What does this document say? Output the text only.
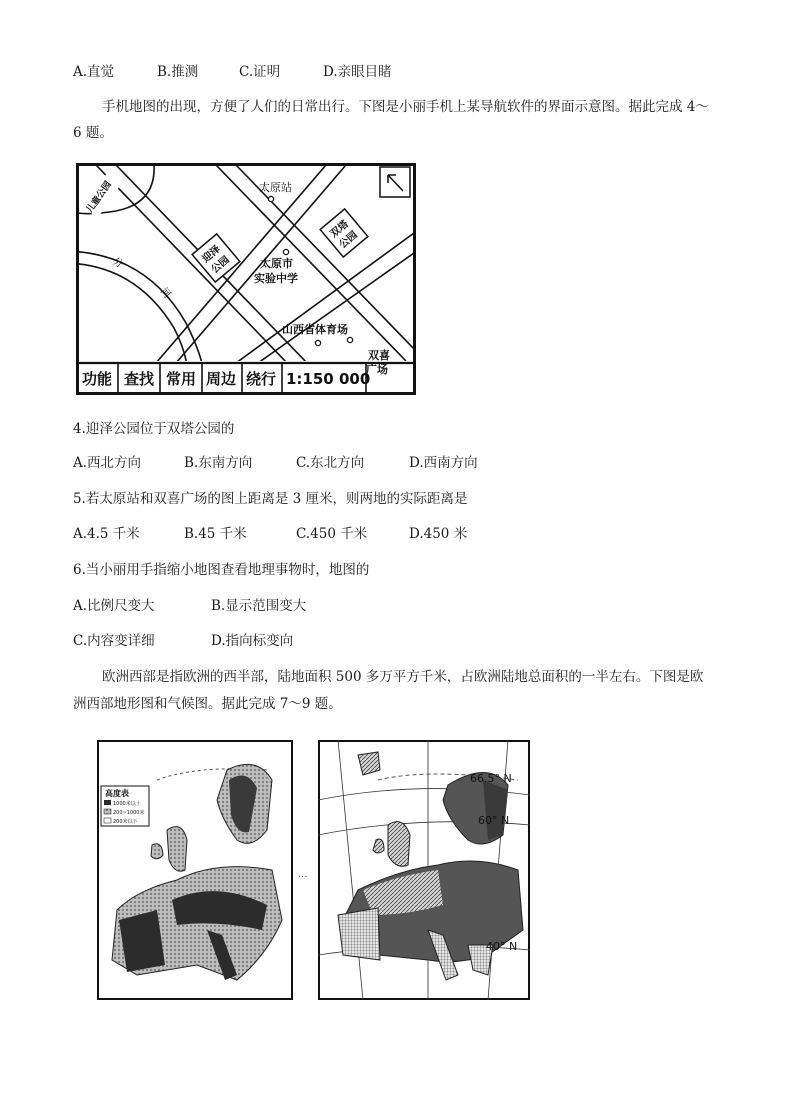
A.直觉	B.推测	C.证明	D.亲眼目睹
手机地图的出现，方便了人们的日常出行。下图是小丽手机上某导航软件的界面示意图。据此完成 4～
6 题。
太原站
迎泽
公园
双塔
公园
太原市
实验中学
山西省体育场
双喜
广场
分
河
儿童公园
功能 查找 常用 周边 绕行 1:150 000
4.迎泽公园位于双塔公园的
A.西北方向	B.东南方向	C.东北方向	D.西南方向
5.若太原站和双喜广场的图上距离是 3 厘米，则两地的实际距离是
A.4.5 千米	B.45 千米	C.450 千米	D.450 米
6.当小丽用手指缩小地图查看地理事物时，地图的
A.比例尺变大	B.显示范围变大
C.内容变详细	D.指向标变向
欧洲西部是指欧洲的西半部，陆地面积 500 多万平方千米，占欧洲陆地总面积的一半左右。下图是欧
洲西部地形图和气候图。据此完成 7～9 题。
高度表
1000米以上
200~1000米
200米以下
···
66.5° N
60° N
40° N
